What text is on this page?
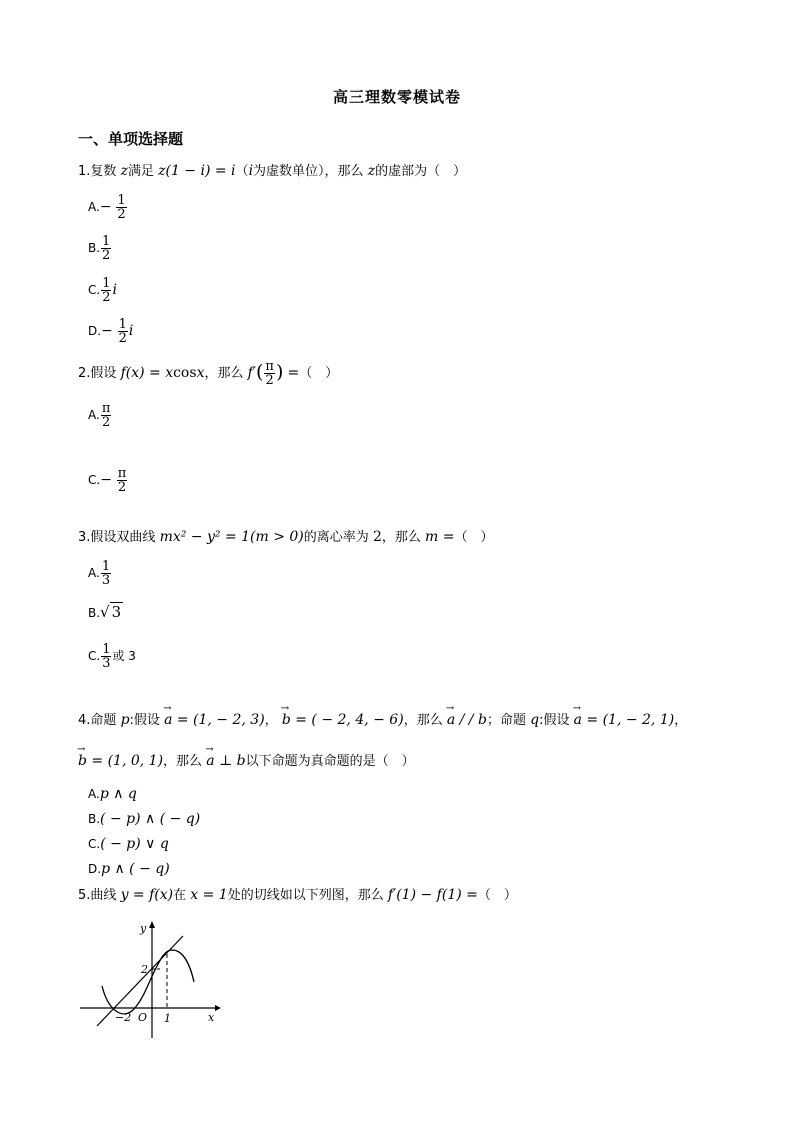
高三理数零模试卷
一、单项选择题
1.复数 z满足 z(1 − i) = i（i为虚数单位），那么 z的虚部为（　）
$A.- \frac{1}{2}$
B. $\frac{1}{2}$
C. $\frac{1}{2}$ i
$D.- \frac{1}{2}$ i
2.假设 f(x) = xcosx，那么 $f'( \frac{\pi}{2}$ ) =（　）
A. $\frac{\pi}{2}$
$C.- \frac{\pi}{2}$
3.假设双曲线 mx² − y² = 1(m > 0)的离心率为 2，那么 m =（　）
A. $\frac{1}{3}$
B.√ 3
C. $\frac{1}{3}$ 或 3
4.命题 p:假设 → a = (1, − 2, 3)， → b = ( − 2, 4, − 6)，那么 → a / / b；命题 q:假设 → a = (1, − 2, 1)，
→ b = (1, 0, 1)，那么 → a ⊥ b以下命题为真命题的是（　）
A.p ∧ q
B.( − p) ∧ ( − q)
C.( − p) ∨ q
D.p ∧ ( − q)
5.曲线 y = f(x)在 x = 1处的切线如以下列图，那么 f′(1) − f(1) =（　）
y
x
O
2
−2	1
